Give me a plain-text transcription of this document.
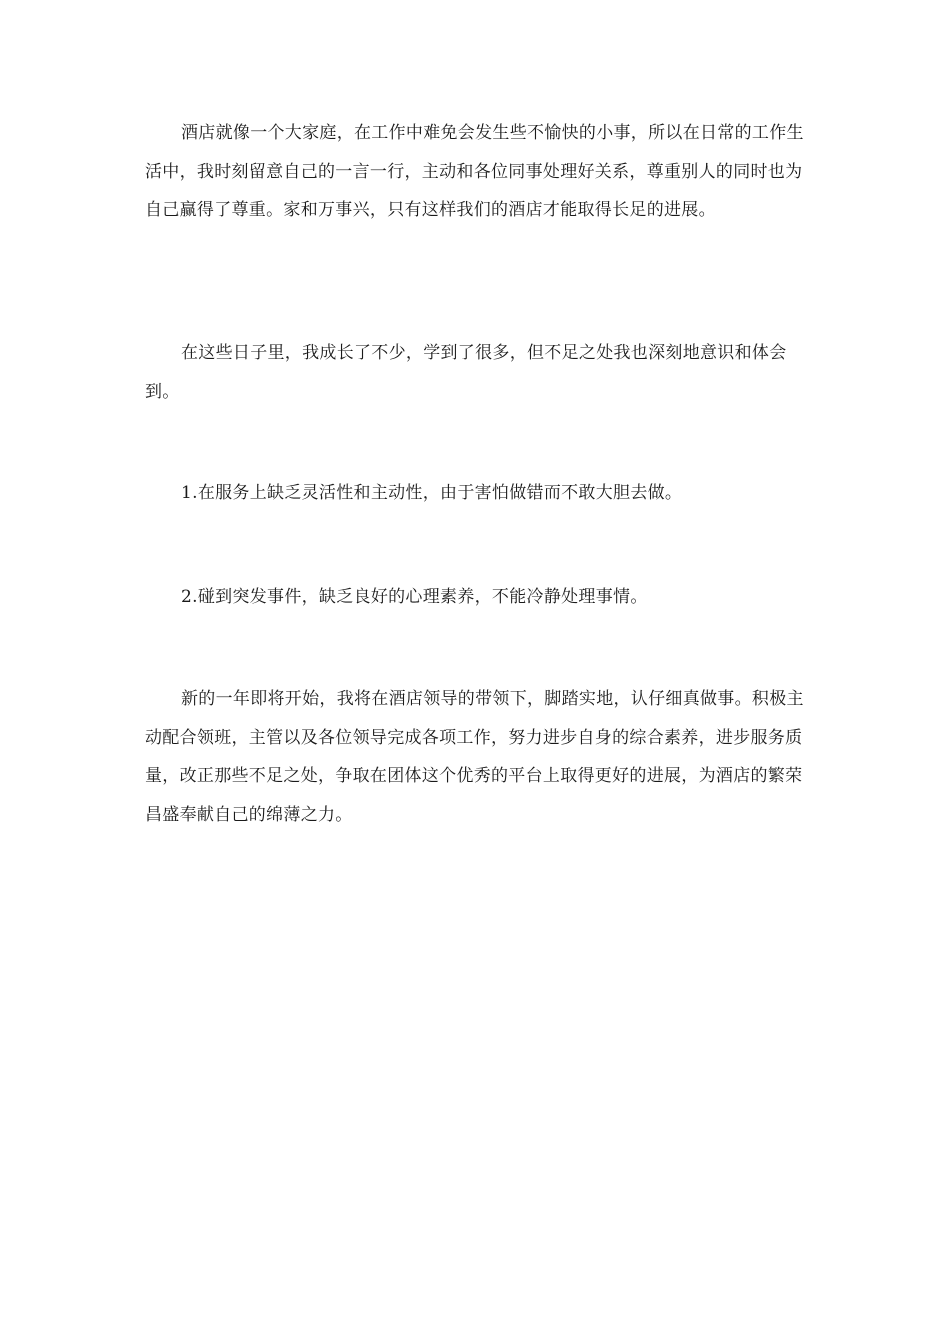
酒店就像一个大家庭，在工作中难免会发生些不愉快的小事，所以在日常的工作生活中，我时刻留意自己的一言一行，主动和各位同事处理好关系，尊重别人的同时也为自己赢得了尊重。家和万事兴，只有这样我们的酒店才能取得长足的进展。

在这些日子里，我成长了不少，学到了很多，但不足之处我也深刻地意识和体会到。

1.在服务上缺乏灵活性和主动性，由于害怕做错而不敢大胆去做。

2.碰到突发事件，缺乏良好的心理素养，不能冷静处理事情。

新的一年即将开始，我将在酒店领导的带领下，脚踏实地，认仔细真做事。积极主动配合领班，主管以及各位领导完成各项工作，努力进步自身的综合素养，进步服务质量，改正那些不足之处，争取在团体这个优秀的平台上取得更好的进展，为酒店的繁荣昌盛奉献自己的绵薄之力。
